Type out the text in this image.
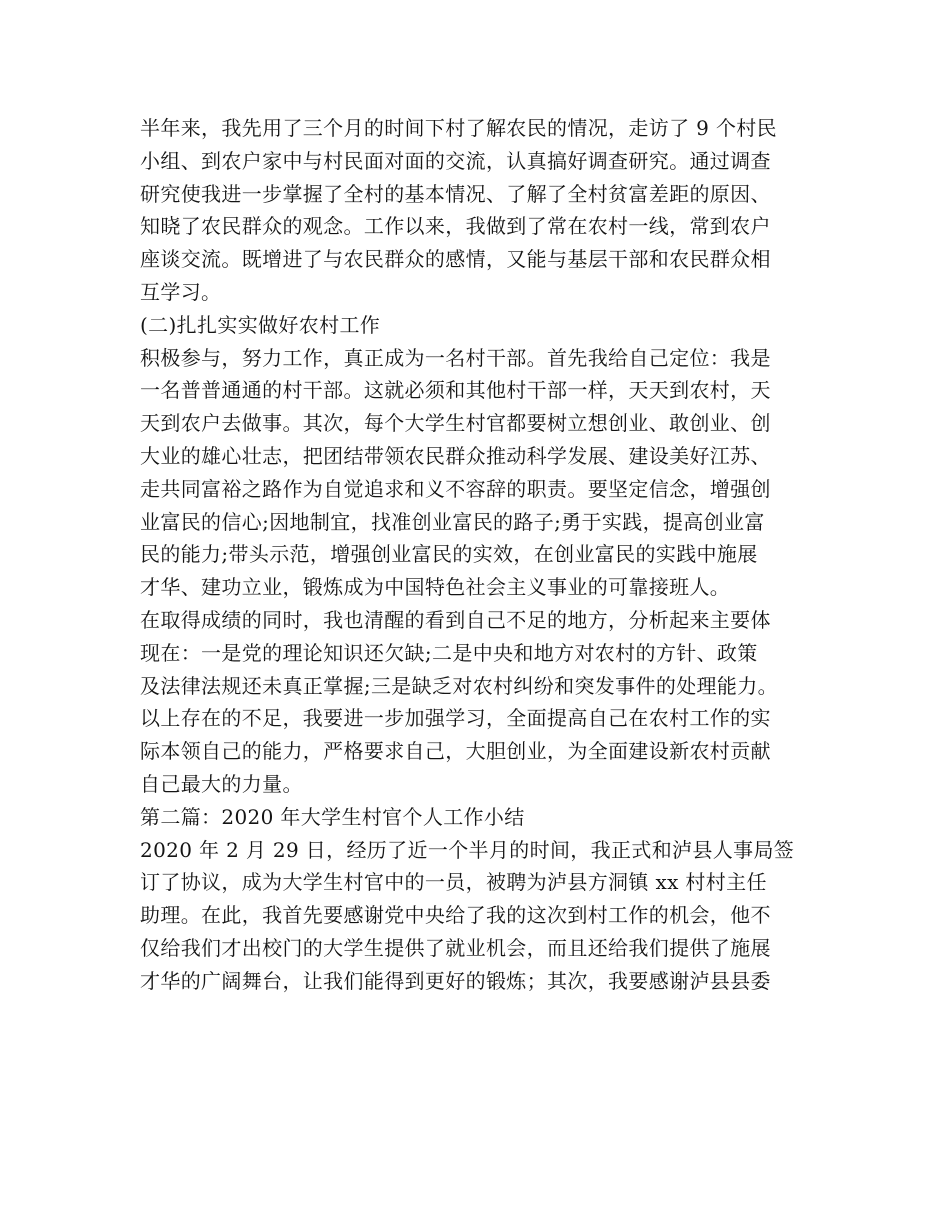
半年来，我先用了三个月的时间下村了解农民的情况，走访了 9 个村民
小组、到农户家中与村民面对面的交流，认真搞好调查研究。通过调查
研究使我进一步掌握了全村的基本情况、了解了全村贫富差距的原因、
知晓了农民群众的观念。工作以来，我做到了常在农村一线，常到农户
座谈交流。既增进了与农民群众的感情，又能与基层干部和农民群众相
互学习。
(二)扎扎实实做好农村工作
积极参与，努力工作，真正成为一名村干部。首先我给自己定位：我是
一名普普通通的村干部。这就必须和其他村干部一样，天天到农村，天
天到农户去做事。其次，每个大学生村官都要树立想创业、敢创业、创
大业的雄心壮志，把团结带领农民群众推动科学发展、建设美好江苏、
走共同富裕之路作为自觉追求和义不容辞的职责。要坚定信念，增强创
业富民的信心;因地制宜，找准创业富民的路子;勇于实践，提高创业富
民的能力;带头示范，增强创业富民的实效，在创业富民的实践中施展
才华、建功立业，锻炼成为中国特色社会主义事业的可靠接班人。
在取得成绩的同时，我也清醒的看到自己不足的地方，分析起来主要体
现在：一是党的理论知识还欠缺;二是中央和地方对农村的方针、政策
及法律法规还未真正掌握;三是缺乏对农村纠纷和突发事件的处理能力。
以上存在的不足，我要进一步加强学习，全面提高自己在农村工作的实
际本领自己的能力，严格要求自己，大胆创业，为全面建设新农村贡献
自己最大的力量。
第二篇：2020 年大学生村官个人工作小结
2020 年 2 月 29 日，经历了近一个半月的时间，我正式和泸县人事局签
订了协议，成为大学生村官中的一员，被聘为泸县方洞镇 xx 村村主任
助理。在此，我首先要感谢党中央给了我的这次到村工作的机会，他不
仅给我们才出校门的大学生提供了就业机会，而且还给我们提供了施展
才华的广阔舞台，让我们能得到更好的锻炼；其次，我要感谢泸县县委
